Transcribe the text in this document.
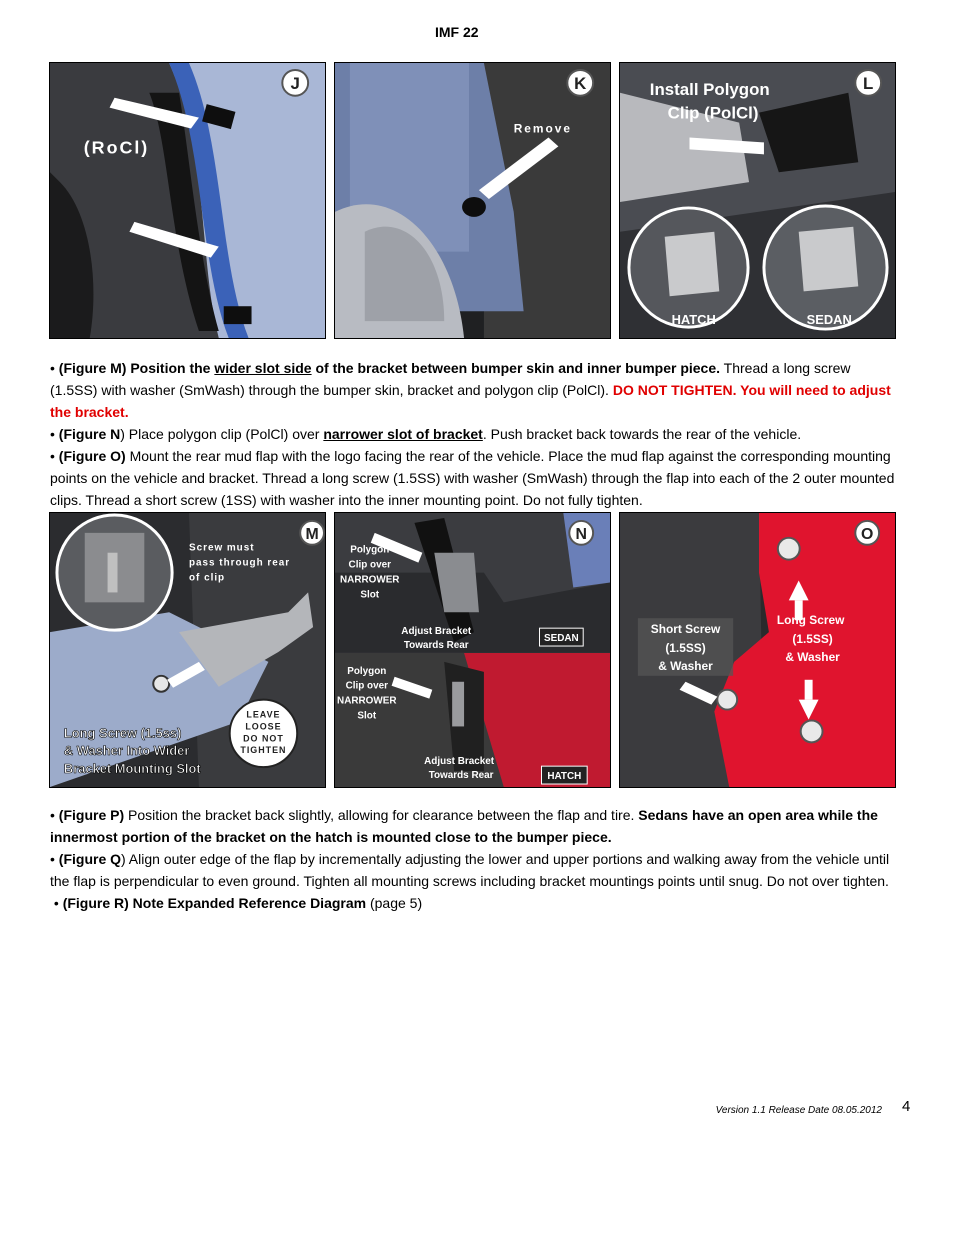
IMF 22
J
(RoCl)
K
Remove
L
Install Polygon
Clip (PolCl)
HATCH	SEDAN

• (Figure M) Position the wider slot side of the bracket between bumper skin and inner bumper piece. Thread a long screw (1.5SS) with washer (SmWash) through the bumper skin, bracket and polygon clip (PolCl). DO NOT TIGHTEN. You will need to adjust the bracket.

• (Figure N) Place polygon clip (PolCl) over narrower slot of bracket. Push bracket back towards the rear of the vehicle.

• (Figure O) Mount the rear mud flap with the logo facing the rear of the vehicle. Place the mud flap against the corresponding mounting points on the vehicle and bracket. Thread a long screw (1.5SS) with washer (SmWash) through the flap into each of the 2 outer mounted clips. Thread a short screw (1SS) with washer into the inner mounting point. Do not fully tighten.

M
Screw must
pass through rear
of clip
Long Screw (1.5ss)
& Washer Into Wider
Bracket Mounting Slot
LEAVE
LOOSE
DO NOT
TIGHTEN
N
Polygon
Clip over
NARROWER
Slot
Adjust Bracket
Towards Rear
SEDAN
Polygon
Clip over
NARROWER
Slot
Adjust Bracket
Towards Rear	HATCH
O
Short Screw
(1.5SS)
& Washer
Long Screw
(1.5SS)
& Washer

• (Figure P) Position the bracket back slightly, allowing for clearance between the flap and tire. Sedans have an open area while the innermost portion of the bracket on the hatch is mounted close to the bumper piece.

• (Figure Q) Align outer edge of the flap by incrementally adjusting the lower and upper portions and walking away from the vehicle until the flap is perpendicular to even ground. Tighten all mounting screws including bracket mountings points until snug. Do not over tighten.

• (Figure R) Note Expanded Reference Diagram (page 5)

Version 1.1 Release Date 08.05.2012 4
